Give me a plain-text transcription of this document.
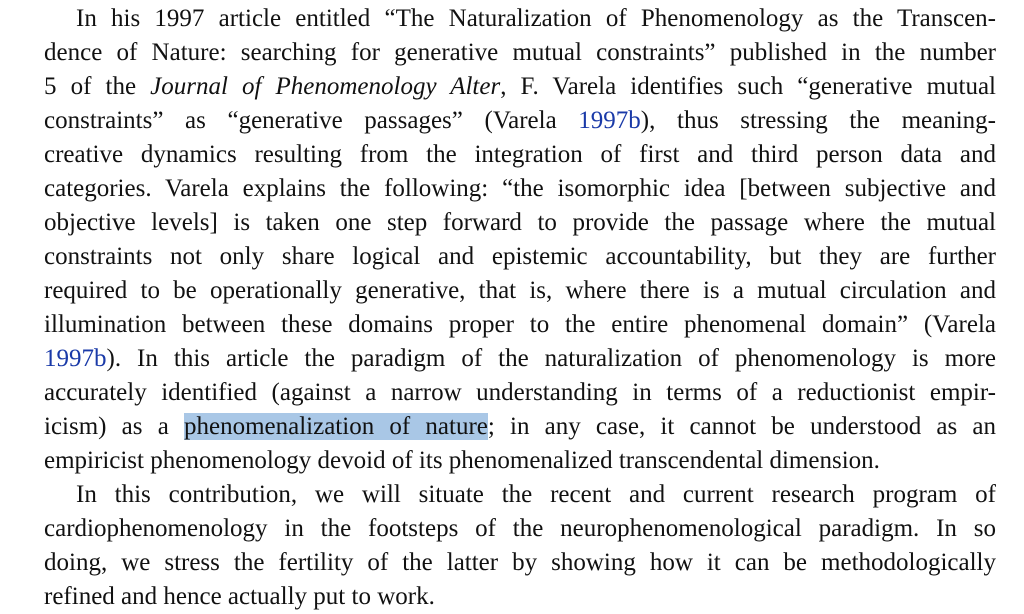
In his 1997 article entitled “The Naturalization of Phenomenology as the Transcen-
dence of Nature: searching for generative mutual constraints” published in the number
5 of the Journal of Phenomenology Alter, F. Varela identifies such “generative mutual
constraints” as “generative passages” (Varela 1997b), thus stressing the meaning-
creative dynamics resulting from the integration of first and third person data and
categories. Varela explains the following: “the isomorphic idea [between subjective and
objective levels] is taken one step forward to provide the passage where the mutual
constraints not only share logical and epistemic accountability, but they are further
required to be operationally generative, that is, where there is a mutual circulation and
illumination between these domains proper to the entire phenomenal domain” (Varela
1997b). In this article the paradigm of the naturalization of phenomenology is more
accurately identified (against a narrow understanding in terms of a reductionist empir-
icism) as a phenomenalization of nature; in any case, it cannot be understood as an
empiricist phenomenology devoid of its phenomenalized transcendental dimension.
In this contribution, we will situate the recent and current research program of
cardiophenomenology in the footsteps of the neurophenomenological paradigm. In so
doing, we stress the fertility of the latter by showing how it can be methodologically
refined and hence actually put to work.
